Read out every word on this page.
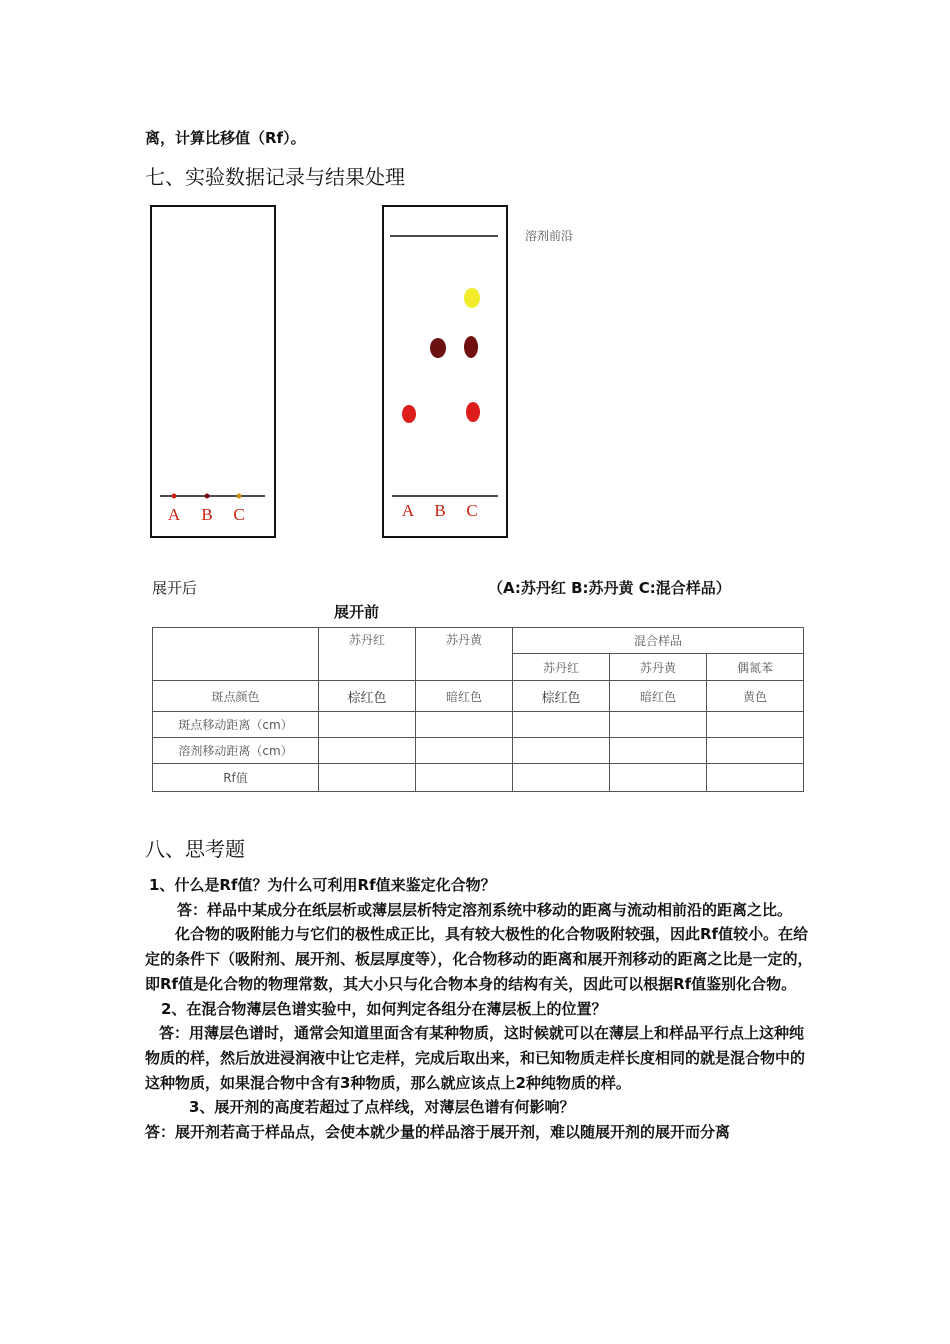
离，计算比移值（Rf）。
七、实验数据记录与结果处理
A B C
溶剂前沿
A B C
展开后	（A:苏丹红 B:苏丹黄 C:混合样品）
展开前
	苏丹红	苏丹黄	混合样品		
			苏丹红	苏丹黄	偶氮苯
斑点颜色	棕红色	暗红色	棕红色	暗红色	黄色
斑点移动距离（cm）					
溶剂移动距离（cm）					
Rf值					
八、思考题
1、什么是Rf值？为什么可利用Rf值来鉴定化合物？
答：样品中某成分在纸层析或薄层层析特定溶剂系统中移动的距离与流动相前沿的距离之比。
化合物的吸附能力与它们的极性成正比，具有较大极性的化合物吸附较强，因此Rf值较小。在给定的条件下（吸附剂、展开剂、板层厚度等），化合物移动的距离和展开剂移动的距离之比是一定的，即Rf值是化合物的物理常数，其大小只与化合物本身的结构有关，因此可以根据Rf值鉴别化合物。
2、在混合物薄层色谱实验中，如何判定各组分在薄层板上的位置？
答：用薄层色谱时，通常会知道里面含有某种物质，这时候就可以在薄层上和样品平行点上这种纯物质的样，然后放进浸润液中让它走样，完成后取出来，和已知物质走样长度相同的就是混合物中的这种物质，如果混合物中含有3种物质，那么就应该点上2种纯物质的样。
3、展开剂的高度若超过了点样线，对薄层色谱有何影响？
答：展开剂若高于样品点，会使本就少量的样品溶于展开剂，难以随展开剂的展开而分离
